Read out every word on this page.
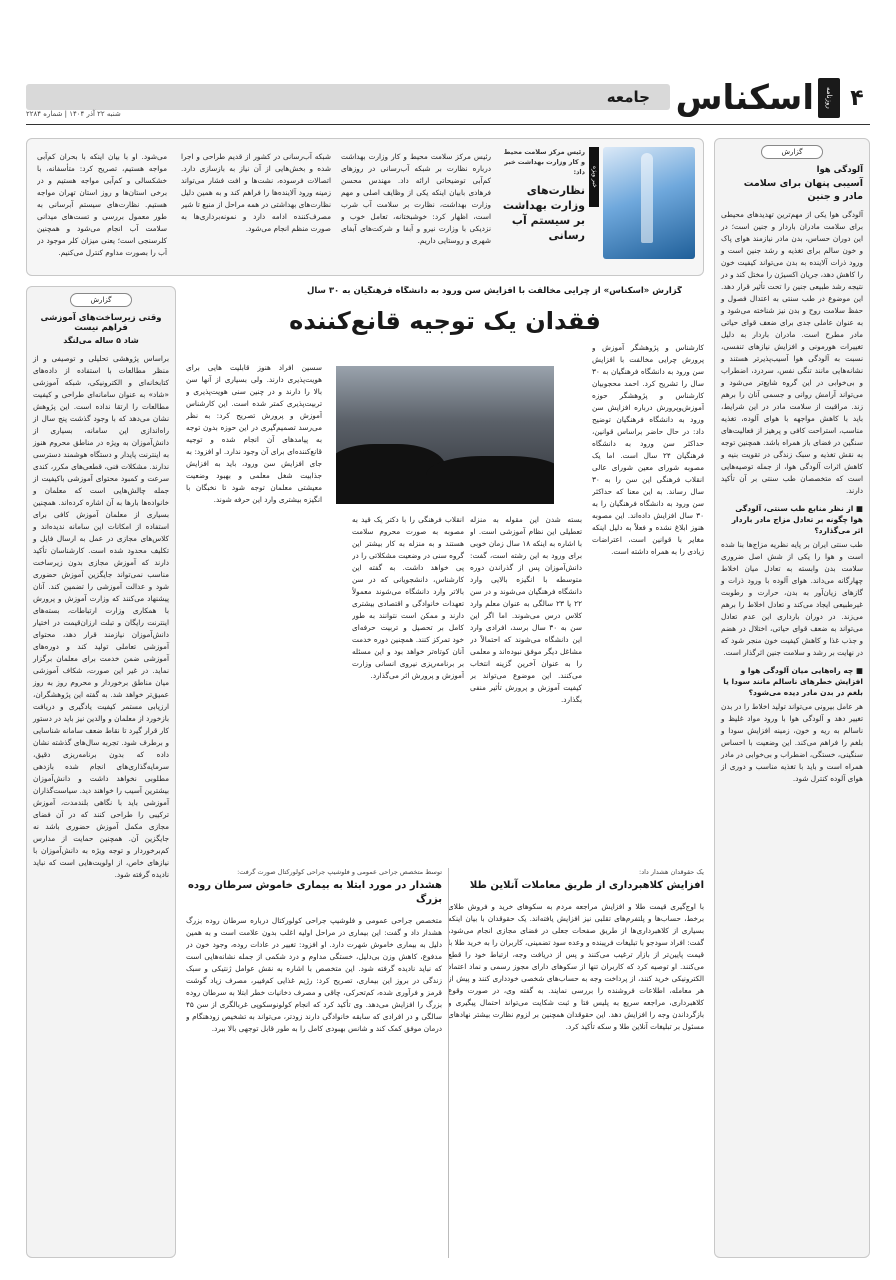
۴
روزنامه
اسکناس
جامعه
شنبه ۲۲ آذر ۱۴۰۴ | شماره ۲۲۸۴
گزارش
آلودگی هوا
آسیبی پنهان برای سلامت مادر و جنین
آلودگی هوا یکی از مهم‌ترین تهدیدهای محیطی برای سلامت مادران باردار و جنین است؛ در این دوران حساس، بدن مادر نیازمند هوای پاک و خون سالم برای تغذیه و رشد جنین است و ورود ذرات آلاینده به بدن می‌تواند کیفیت خون را کاهش دهد، جریان اکسیژن را مختل کند و در نتیجه رشد طبیعی جنین را تحت تأثیر قرار دهد. این موضوع در طب سنتی به اعتدال فصول و حفظ سلامت روح و بدن نیز شناخته می‌شود و به عنوان عاملی جدی برای ضعف قوای حیاتی مادر مطرح است. مادران باردار به دلیل تغییرات هورمونی و افزایش نیازهای تنفسی، نسبت به آلودگی هوا آسیب‌پذیرتر هستند و نشانه‌هایی مانند تنگی نفس، سردرد، اضطراب و بی‌خوابی در این گروه شایع‌تر می‌شود و می‌تواند آرامش روانی و جسمی آنان را برهم زند. مراقبت از سلامت مادر در این شرایط، باید با کاهش مواجهه با هوای آلوده، تغذیه مناسب، استراحت کافی و پرهیز از فعالیت‌های سنگین در فضای باز همراه باشد. همچنین توجه به نقش تغذیه و سبک زندگی در تقویت بنیه و کاهش اثرات آلودگی هوا، از جمله توصیه‌هایی است که متخصصان طب سنتی بر آن تأکید دارند.
■ از نظر منابع طب سنتی، آلودگی هوا چگونه بر تعادل مزاج مادر باردار اثر می‌گذارد؟
طب سنتی ایران بر پایه نظریه مزاج‌ها بنا شده است و هوا را یکی از شش اصل ضروری سلامت بدن وابسته به تعادل میان اخلاط چهارگانه می‌داند. هوای آلوده با ورود ذرات و گازهای زیان‌آور به بدن، حرارت و رطوبت غیرطبیعی ایجاد می‌کند و تعادل اخلاط را برهم می‌زند. در دوران بارداری این عدم تعادل می‌تواند به ضعف قوای حیاتی، اختلال در هضم و جذب غذا و کاهش کیفیت خون منجر شود که در نهایت بر رشد و سلامت جنین اثرگذار است.
■ چه راه‌هایی میان آلودگی هوا و افزایش خطرهای ناسالم مانند سودا یا بلغم در بدن مادر دیده می‌شود؟
هر عامل بیرونی می‌تواند تولید اخلاط را در بدن تغییر دهد و آلودگی هوا با ورود مواد غلیظ و ناسالم به ریه و خون، زمینه افزایش سودا و بلغم را فراهم می‌کند. این وضعیت با احساس سنگینی، خستگی، اضطراب و بی‌خوابی در مادر همراه است و باید با تغذیه مناسب و دوری از هوای آلوده کنترل شود.
خبر ویژه
رئیس مرکز سلامت محیط و کار وزارت بهداشت خبر داد:
نظارت‌های وزارت بهداشت بر سیستم آب رسانی
رئیس مرکز سلامت محیط و کار وزارت بهداشت درباره نظارت بر شبکه آب‌رسانی در روزهای کم‌آبی توضیحاتی ارائه داد. مهندس محسن فرهادی بابیان اینکه یکی از وظایف اصلی و مهم وزارت بهداشت، نظارت بر سلامت آب شرب است، اظهار کرد: خوشبختانه، تعامل خوب و نزدیکی با وزارت نیرو و آبفا و شرکت‌های آبفای شهری و روستایی داریم.
شبکه آب‌رسانی در کشور از قدیم طراحی و اجرا شده و بخش‌هایی از آن نیاز به بازسازی دارد. اتصالات فرسوده، نشت‌ها و افت فشار می‌تواند زمینه ورود آلاینده‌ها را فراهم کند و به همین دلیل نظارت‌های بهداشتی در همه مراحل از منبع تا شیر مصرف‌کننده ادامه دارد و نمونه‌برداری‌ها به صورت منظم انجام می‌شود.
می‌شود. او با بیان اینکه با بحران کم‌آبی مواجه هستیم، تصریح کرد: متأسفانه، با خشکسالی و کم‌آبی مواجه هستیم و در برخی استان‌ها و روز استان تهران مواجه هستیم. نظارت‌های سیستم آبرسانی به طور معمول بررسی و تست‌های میدانی سلامت آب انجام می‌شود و همچنین کلرسنجی است؛ یعنی میزان کلر موجود در آب را بصورت مداوم کنترل می‌کنیم.
گزارش
وقتی زیرساخت‌های آموزشی فراهم نیست
شاد ۵ ساله می‌لنگد
براساس پژوهشی تحلیلی و توصیفی و از منظر مطالعات با استفاده از داده‌های کتابخانه‌ای و الکترونیکی، شبکه آموزشی «شاد» به عنوان سامانه‌ای طراحی و کیفیت مطالعات را ارتقا نداده است. این پژوهش نشان می‌دهد که با وجود گذشت پنج سال از راه‌اندازی این سامانه، بسیاری از دانش‌آموزان به ویژه در مناطق محروم هنوز به اینترنت پایدار و دستگاه هوشمند دسترسی ندارند. مشکلات فنی، قطعی‌های مکرر، کندی سرعت و کمبود محتوای آموزشی باکیفیت از جمله چالش‌هایی است که معلمان و خانواده‌ها بارها به آن اشاره کرده‌اند. همچنین بسیاری از معلمان آموزش کافی برای استفاده از امکانات این سامانه ندیده‌اند و کلاس‌های مجازی در عمل به ارسال فایل و تکلیف محدود شده است. کارشناسان تأکید دارند که آموزش مجازی بدون زیرساخت مناسب نمی‌تواند جایگزین آموزش حضوری شود و عدالت آموزشی را تضمین کند. آنان پیشنهاد می‌کنند که وزارت آموزش و پرورش با همکاری وزارت ارتباطات، بسته‌های اینترنت رایگان و تبلت ارزان‌قیمت در اختیار دانش‌آموزان نیازمند قرار دهد، محتوای آموزشی تعاملی تولید کند و دوره‌های آموزشی ضمن خدمت برای معلمان برگزار نماید. در غیر این صورت، شکاف آموزشی میان مناطق برخوردار و محروم روز به روز عمیق‌تر خواهد شد. به گفته این پژوهشگران، ارزیابی مستمر کیفیت یادگیری و دریافت بازخورد از معلمان و والدین نیز باید در دستور کار قرار گیرد تا نقاط ضعف سامانه شناسایی و برطرف شود. تجربه سال‌های گذشته نشان داده که بدون برنامه‌ریزی دقیق، سرمایه‌گذاری‌های انجام شده بازدهی مطلوبی نخواهد داشت و دانش‌آموزان بیشترین آسیب را خواهند دید. سیاست‌گذاران آموزشی باید با نگاهی بلندمدت، آموزش ترکیبی را طراحی کنند که در آن فضای مجازی مکمل آموزش حضوری باشد نه جایگزین آن. همچنین حمایت از مدارس کم‌برخوردار و توجه ویژه به دانش‌آموزان با نیازهای خاص، از اولویت‌هایی است که نباید نادیده گرفته شود.
گزارش «اسکناس» از چرایی مخالفت با افزایش سن ورود به دانشگاه فرهنگیان به ۳۰ سال
فقدان یک توجیه قانع‌کننده
کارشناس و پژوهشگر آموزش و پرورش چرایی مخالفت با افزایش سن ورود به دانشگاه فرهنگیان به ۳۰ سال را تشریح کرد. احمد محجوبیان کارشناس و پژوهشگر حوزه آموزش‌وپرورش درباره افزایش سن ورود به دانشگاه فرهنگیان توضیح داد: در حال حاضر براساس قوانین، حداکثر سن ورود به دانشگاه فرهنگیان ۲۴ سال است. اما یک مصوبه شورای معین شورای عالی انقلاب فرهنگی این سن را به ۳۰ سال رساند. به این معنا که حداکثر سن ورود به دانشگاه فرهنگیان را به ۳۰ سال افزایش داده‌اند. این مصوبه هنوز ابلاغ نشده و فعلاً به دلیل اینکه مغایر با قوانین است، اعتراضات زیادی را به همراه داشته است.
بسته شدن این مقوله به منزله تعطیلی این نظام آموزشی است. او با اشاره به اینکه ۱۸ سال زمان خوبی برای ورود به این رشته است، گفت: دانش‌آموزان پس از گذراندن دوره متوسطه با انگیزه بالایی وارد دانشگاه فرهنگیان می‌شوند و در سن ۲۲ یا ۲۳ سالگی به عنوان معلم وارد کلاس درس می‌شوند. اما اگر این سن به ۳۰ سال برسد، افرادی وارد این دانشگاه می‌شوند که احتمالاً در مشاغل دیگر موفق نبوده‌اند و معلمی را به عنوان آخرین گزینه انتخاب می‌کنند. این موضوع می‌تواند بر کیفیت آموزش و پرورش تأثیر منفی بگذارد.
انقلاب فرهنگی را با دکتر یک قید به مصوبه به صورت محروم سلامت هستند و به منزله به کار بیشتر این گروه سنی در وضعیت مشکلاتی را در پی خواهد داشت. به گفته این کارشناس، دانشجویانی که در سن بالاتر وارد دانشگاه می‌شوند معمولاً تعهدات خانوادگی و اقتصادی بیشتری دارند و ممکن است نتوانند به طور کامل بر تحصیل و تربیت حرفه‌ای خود تمرکز کنند. همچنین دوره خدمت آنان کوتاه‌تر خواهد بود و این مسئله بر برنامه‌ریزی نیروی انسانی وزارت آموزش و پرورش اثر می‌گذارد.
سسین افراد هنوز قابلیت هایی برای هویت‌پذیری دارند. ولی بسیاری از آنها سن بالا را دارند و در چنین سنی هویت‌پذیری و تربیت‌پذیری کمتر شده است. این کارشناس آموزش و پرورش تصریح کرد: به نظر می‌رسد تصمیم‌گیری در این حوزه بدون توجه به پیامدهای آن انجام شده و توجیه قانع‌کننده‌ای برای آن وجود ندارد. او افزود: به جای افزایش سن ورود، باید به افزایش جذابیت شغل معلمی و بهبود وضعیت معیشتی معلمان توجه شود تا نخبگان با انگیزه بیشتری وارد این حرفه شوند.
یک حقوقدان هشدار داد:
افزایش کلاهبرداری از طریق معاملات آنلاین طلا
با اوج‌گیری قیمت طلا و افزایش مراجعه مردم به سکوهای خرید و فروش طلای برخط، حساب‌ها و پلتفرم‌های تقلبی نیز افزایش یافته‌اند. یک حقوقدان با بیان اینکه بسیاری از کلاهبرداری‌ها از طریق صفحات جعلی در فضای مجازی انجام می‌شود، گفت: افراد سودجو با تبلیغات فریبنده و وعده سود تضمینی، کاربران را به خرید طلا با قیمت پایین‌تر از بازار ترغیب می‌کنند و پس از دریافت وجه، ارتباط خود را قطع می‌کنند. او توصیه کرد که کاربران تنها از سکوهای دارای مجوز رسمی و نماد اعتماد الکترونیکی خرید کنند، از پرداخت وجه به حساب‌های شخصی خودداری کنند و پیش از هر معامله، اطلاعات فروشنده را بررسی نمایند. به گفته وی، در صورت وقوع کلاهبرداری، مراجعه سریع به پلیس فتا و ثبت شکایت می‌تواند احتمال پیگیری و بازگرداندن وجه را افزایش دهد. این حقوقدان همچنین بر لزوم نظارت بیشتر نهادهای مسئول بر تبلیغات آنلاین طلا و سکه تأکید کرد.
توسط متخصص جراحی عمومی و فلوشیپ جراحی کولورکتال صورت گرفت:
هشدار در مورد ابتلا به بیماری خاموش سرطان روده بزرگ
متخصص جراحی عمومی و فلوشیپ جراحی کولورکتال درباره سرطان روده بزرگ هشدار داد و گفت: این بیماری در مراحل اولیه اغلب بدون علامت است و به همین دلیل به بیماری خاموش شهرت دارد. او افزود: تغییر در عادات روده، وجود خون در مدفوع، کاهش وزن بی‌دلیل، خستگی مداوم و درد شکمی از جمله نشانه‌هایی است که نباید نادیده گرفته شود. این متخصص با اشاره به نقش عوامل ژنتیکی و سبک زندگی در بروز این بیماری، تصریح کرد: رژیم غذایی کم‌فیبر، مصرف زیاد گوشت قرمز و فرآوری شده، کم‌تحرکی، چاقی و مصرف دخانیات خطر ابتلا به سرطان روده بزرگ را افزایش می‌دهد. وی تأکید کرد که انجام کولونوسکوپی غربالگری از سن ۴۵ سالگی و در افرادی که سابقه خانوادگی دارند زودتر، می‌تواند به تشخیص زودهنگام و درمان موفق کمک کند و شانس بهبودی کامل را به طور قابل توجهی بالا ببرد.
